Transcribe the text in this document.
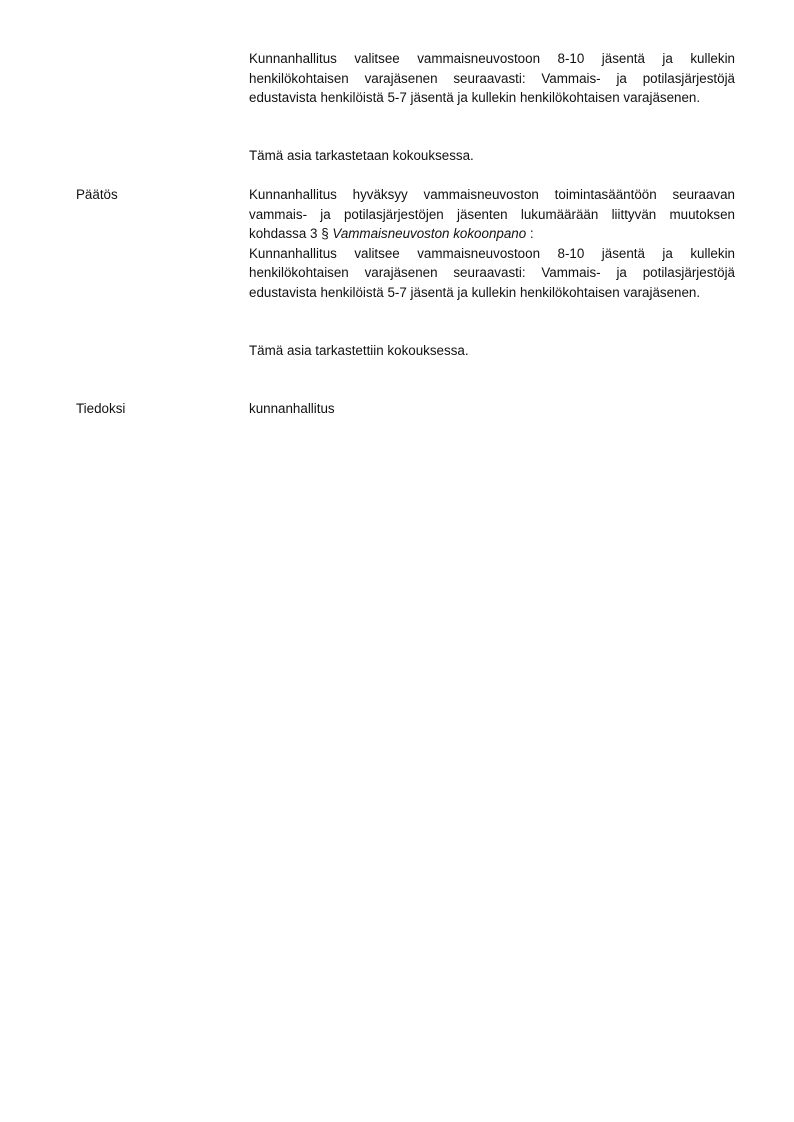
Kunnanhallitus valitsee vammaisneuvostoon 8-10 jäsentä ja kullekin henkilökohtaisen varajäsenen seuraavasti: Vammais- ja potilasjärjestöjä edustavista henkilöistä 5-7 jäsentä ja kullekin henkilökohtaisen varajäsenen.

Tämä asia tarkastetaan kokouksessa.

Päätös	Kunnanhallitus hyväksyy vammaisneuvoston toimintasääntöön seuraavan vammais- ja potilasjärjestöjen jäsenten lukumäärään liittyvän muutoksen kohdassa 3 § Vammaisneuvoston kokoonpano :

Kunnanhallitus valitsee vammaisneuvostoon 8-10 jäsentä ja kullekin henkilökohtaisen varajäsenen seuraavasti: Vammais- ja potilasjärjestöjä edustavista henkilöistä 5-7 jäsentä ja kullekin henkilökohtaisen varajäsenen.

Tämä asia tarkastettiin kokouksessa.

Tiedoksi	kunnanhallitus
